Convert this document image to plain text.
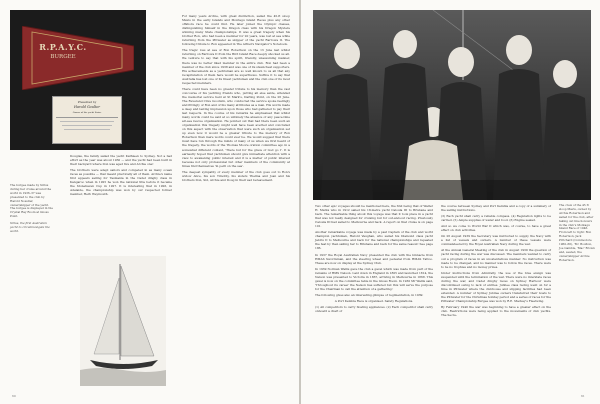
R.P.A.Y.C.
BURGEE
Presented by
Harold Goulter
Owner of the yacht Sirius

The burgee made by Sirius during her cruise around the world in 1936–37 was presented to the club by Harold Nossiter, owner/skipper of the yacht. The burgee is displayed in the Crystal Ray Room at Gnoss Point.

Sirius, the first Australian yacht to circumnavigate the world.

Douglas, the family sailed the yacht Kathleen to Sydney. Not a bad effort as the year was about 1930 — and the yacht had been built in their backyard where Don was aged five and Archie one!

The brothers were adept sailors and competed in as many ocean races as possible — that meant practically all of them. Archie's name first appears sailing for Tasmania in the Cadet dinghy class in Kangaroo when in 1925 he won the national title before it became the Stonehaven Cup in 1927. It is interesting that in 1926, in Adelaide, the championship was won by our respected former member, Herb Weymouth.

For many years Archie, with great distinction, sailed the 45-ft sloop Mavis in the early Islands and Montagu Island Races plus any other offshore race he could find. He later joined the Olympic classes, distinguishing himself in the Dragon class with his Dragon Mystere winning many State championships. It was a great tragedy when his brother Ron, who had been a member for 20 years, was lost at sea while returning from the Pittwater as skipper of the yacht Rarrowa II. The following tribute to Ron appeared in The Alfred's Navigator's Notebook.

The tragic loss at sea of Ron Robertson on the 13 June last whilst returning on Rarrowa II from the Bird Island Race deeply shocked us all. We venture to say that with his spirit, friendly, unassuming manner, there was no better liked member in the entire club. Ron had been a member of the club since 1938 and was one of its staunchest supporters. His achievements as a yachtsman are so well known to us all that any recapitulation of them here would be superfluous. Suffice it to say that Australia has lost one of its finest yachtsmen and the club one of its most respected members.

There could have been no greater tribute to his memory than the vast concourse of his yachting friends who, putting all else aside, attended the memorial service held at St Mark's, Darling Point, on the 26 June. The Reverend Clive Goodwin, who conducted the service spoke feelingly and fittingly of Ron and of his many attributes as a man. His words made a deep and lasting impression upon those who had gathered to pay their last respects. In the course of his remarks he emphasised that whilst many words could be said at so untimely the absence of any peace-time air-sea rescue organisation. He pointed out that had there been such an organisation this tragedy might well have been averted and concluded on this aspect with the observation that were such an organisation set up even now it would be a greater tribute to the memory of Ron Robertson than mere words could ever be. We would suggest that there must have run through the minds of many of us when we first heard of the tragedy, the words of the Thomas Moore oration committee ago in a somewhat different context, 'There but for the grace of God go I'. It is earnestly hoped that yachtsmen should give immediate attention with a view to awakening public interest and it is a matter of public interest because not only professional but other members of the community at times find themselves 'in peril on the sea'.

The deepest sympathy of every member of the club goes out to Ron's widow Alice, his son Timothy, his sisters Thelma and Joan and his brothers Don, Sid, Archie and Doug in their sad bereavement.

60

Two other epic voyages should be mentioned here, the first being that of Walter H. Marks who in 1912 sailed his 18-metre yacht Caloula III to Brisbane and back. The remarkable thing about this voyage was that it took place in a yacht that was not really designed for cruising but for out-and-out racing. Previously Caloula III had sailed to Melbourne and back. A report on that cruise is on page 101.

Another remarkable voyage was made by a past Captain of the club and world champion yachtsman, Harold Vaughan, who sailed his Diamond class yacht Jabiru II to Melbourne and back for the national championships and repeated the feat by then sailing her to Brisbane and back for the same reason! See page 186.

In 1937 the Royal Australian Navy presented the club with the binnacle from HMAS Swordsman, and the steering wheel and pedestal from HMAS Tattoo. These are now on display at the Sydney Club.

In 1939 Norman Wallis gave the club a gavel which was made from part of the remains of HMS Nelson. Laid down in England in 1805 and launched 1814, the Nelson was presented to Victoria in 1867, arriving in Melbourne in 1868. This gavel is now on the committee table in the Gnoss Room. In 1930 Mr Wallis said, 'Throughout its career the Nelson has suffered but this will serve the purpose for the Chairman to call the attention of a gathering.'

The following gives also an interesting glimpse of regimentation, in 1939:

A Port Kembla Race is organised. Safety Regulations.

(1) All competitors to carry floating appliances. (2) Each competitor shall carry onboard a chart of

the course between Sydney and Port Kembla and a copy of a summary of the sailing instructions.

(3) Each yacht shall carry a reliable compass. (4) Regulation lights to be carried. (5) Ample supplies of water and food. (6) Engine sealed.

And so we come to World War II which was, of course, to have a great effect on club activities.

On 26 August 1939 the Secretary was instructed to supply the Navy with a list of vessels and owners. A number of these vessels were commandeered by the Royal Australian Navy during the war.

At the Annual General Meeting of the club in August 1939 the question of yacht racing during the war was discussed. The members wanted to carry out a program of races in an unostentatious manner. No instruction was made to be changed, and no manner was to follow the races. There were to be no trophies and no money prizes.

Under instructions from Admiralty, the use of the blue ensign was suspended until the termination of the war. There were no interstate races during the war, and Cadet dinghy races on Sydney Harbour were discontinued owing to lack of entries. Jubilee class racing went on for a time in Pittwater where the clubhouse and slipping facilities had been extended. A number of Sydney Jubilee owners transferred their boats to the Pittwater for the Christmas holiday period and a series of races for the Pittwater Championship Burgee was won by R.E. Mackay's Fleetwing.

By February 1940 the war was beginning to have a greater effect on the club. Restrictions were being applied to the movements of club yachts. The Secre-

The crew of the 45 ft sloop Mavis, owned by Archie Robertson and sailed for the club, after taking out line honours in the club's Montagu Island Race of 1946. From left to right: Ron Robertson, Jack Pritchard (Commodore 1960–66), 'Bo' Boulton, Joe Gamble, 'Mac' Brown and, seated, the owner/skipper Archie Robertson.

61
